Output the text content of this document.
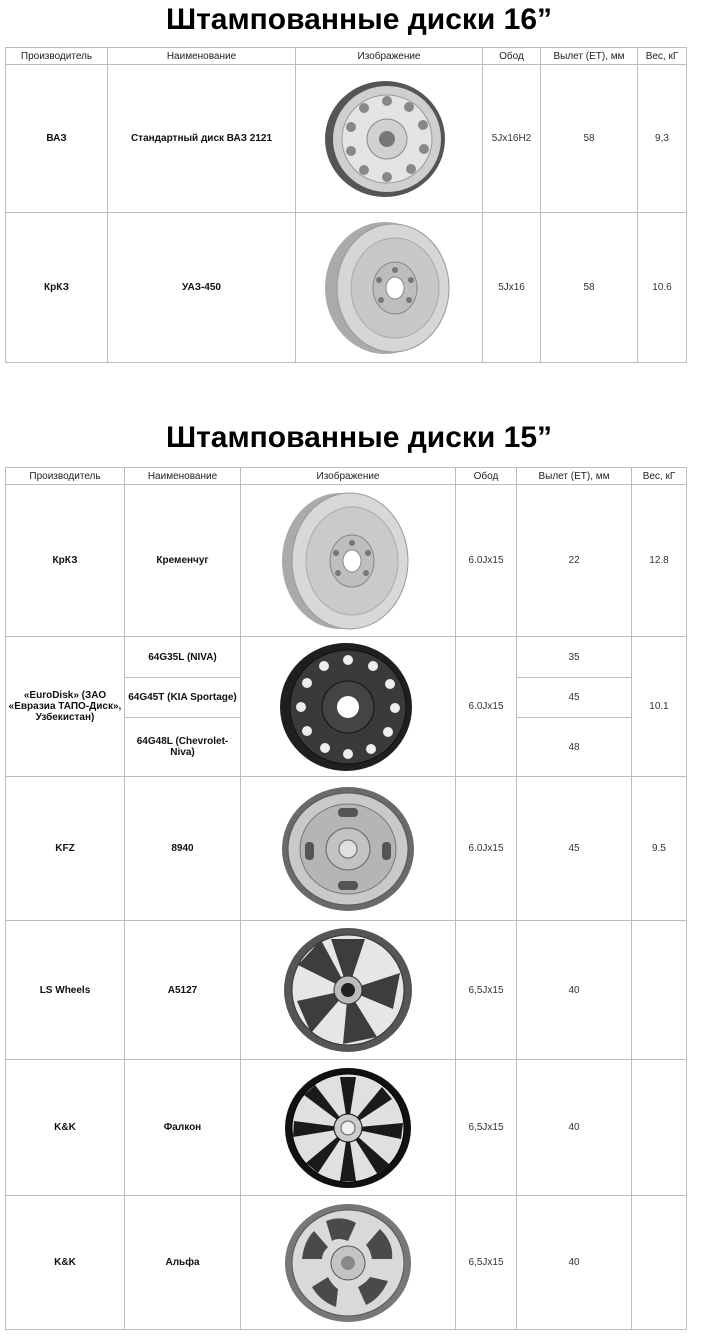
Штампованные диски 16”
Производитель	Наименование	Изображение	Обод	Вылет (ET), мм	Вес, кГ
ВАЗ	Стандартный диск ВАЗ 2121		5Jx16H2	58	9,3
КрКЗ	УАЗ-450		5Jx16	58	10.6
Штампованные диски 15”
Производитель	Наименование	Изображение	Обод	Вылет (ET), мм	Вес, кГ
КрКЗ	Кременчуг		6.0Jx15	22	12.8
«EuroDisk» (ЗАО «Евразиа ТАПО-Диск», Узбекистан)	64G35L (NIVA)		6.0Jx15	35	10.1
	64G45T (KIA Sportage)			45	
	64G48L (Chevrolet-Niva)			48	
KFZ	8940		6.0Jx15	45	9.5
LS Wheels	A5127		6,5Jx15	40	
K&K	Фалкон		6,5Jx15	40	
K&K	Альфа		6,5Jx15	40	
